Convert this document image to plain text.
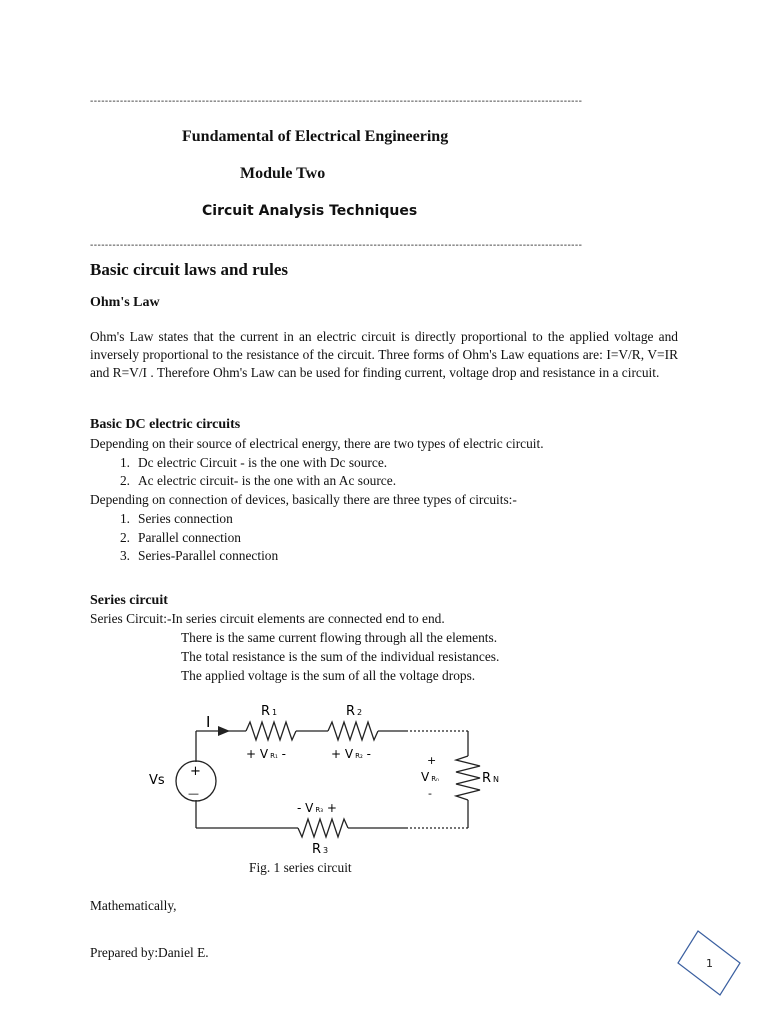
------------------------------------------------------------------------------------------------------------------------------------
Fundamental of Electrical Engineering
Module Two
Circuit Analysis Techniques
------------------------------------------------------------------------------------------------------------------------------------
Basic circuit laws and rules
Ohm's Law
Ohm's Law states that the current in an electric circuit is directly proportional to the applied voltage and inversely proportional to the resistance of the circuit. Three forms of Ohm's Law equations are: I=V/R, V=IR and R=V/I . Therefore Ohm's Law can be used for finding current, voltage drop and resistance in a circuit.
Basic DC electric circuits
Depending on their source of electrical energy, there are two types of electric circuit.
1. Dc electric Circuit - is the one with Dc source.
2. Ac electric circuit- is the one with an Ac source.
Depending on connection of devices, basically there are three types of circuits:-
1. Series connection
2. Parallel connection
3. Series-Parallel connection
Series circuit
Series Circuit:-In series circuit elements are connected end to end.
There is the same current flowing through all the elements.
The total resistance is the sum of the individual resistances.
The applied voltage is the sum of all the voltage drops.
I
R 1	R 2
+ V R₁ -	+ V R₂ -	+
VRₙ
-
R N
Vs
+
—
- V R₃ +
R 3
Fig. 1 series circuit
Mathematically,
Prepared by:Daniel E.
1
